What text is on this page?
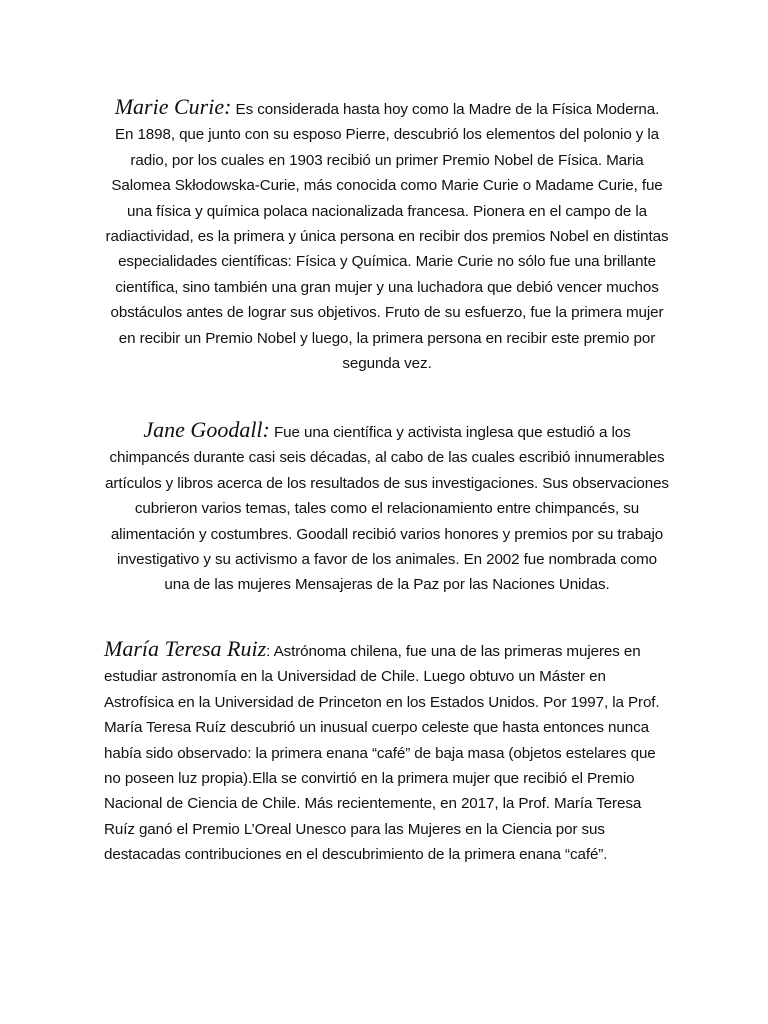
Marie Curie: Es considerada hasta hoy como la Madre de la Física Moderna. En 1898, que junto con su esposo Pierre, descubrió los elementos del polonio y la radio, por los cuales en 1903 recibió un primer Premio Nobel de Física. Maria Salomea Skłodowska-Curie, más conocida como Marie Curie o Madame Curie, fue una física y química polaca nacionalizada francesa. Pionera en el campo de la radiactividad, es la primera y única persona en recibir dos premios Nobel en distintas especialidades científicas: Física y Química. Marie Curie no sólo fue una brillante científica, sino también una gran mujer y una luchadora que debió vencer muchos obstáculos antes de lograr sus objetivos. Fruto de su esfuerzo, fue la primera mujer en recibir un Premio Nobel y luego, la primera persona en recibir este premio por segunda vez.

Jane Goodall: Fue una científica y activista inglesa que estudió a los chimpancés durante casi seis décadas, al cabo de las cuales escribió innumerables artículos y libros acerca de los resultados de sus investigaciones. Sus observaciones cubrieron varios temas, tales como el relacionamiento entre chimpancés, su alimentación y costumbres. Goodall recibió varios honores y premios por su trabajo investigativo y su activismo a favor de los animales. En 2002 fue nombrada como una de las mujeres Mensajeras de la Paz por las Naciones Unidas.

María Teresa Ruiz: Astrónoma chilena, fue una de las primeras mujeres en estudiar astronomía en la Universidad de Chile. Luego obtuvo un Máster en Astrofísica en la Universidad de Princeton en los Estados Unidos. Por 1997, la Prof. María Teresa Ruíz descubrió un inusual cuerpo celeste que hasta entonces nunca había sido observado: la primera enana “café” de baja masa (objetos estelares que no poseen luz propia).Ella se convirtió en la primera mujer que recibió el Premio Nacional de Ciencia de Chile. Más recientemente, en 2017, la Prof. María Teresa Ruíz ganó el Premio L’Oreal Unesco para las Mujeres en la Ciencia por sus destacadas contribuciones en el descubrimiento de la primera enana “café”.
